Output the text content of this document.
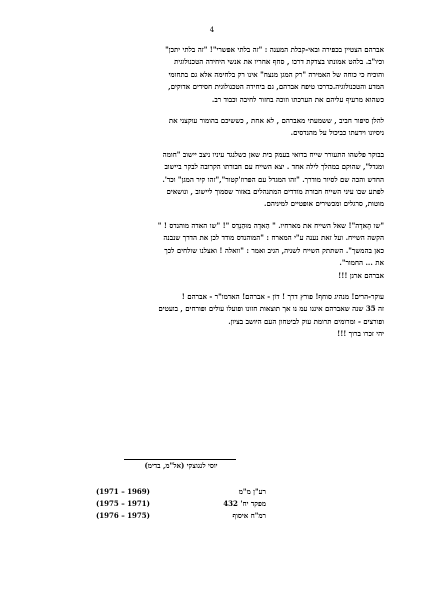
4
אברהם הצטיין בכפירה ובאי-קבלת המענה : "זה בלתי אפשרי"! "זה בלתי יתכן"
וכיו"ב. בלהט אמונתו בצדקת דרכו , סחף אחריו את אנשי היחידה הטכנולוגית
והוכיח כי כוחה של האמירה "רק המגן מנצח" אינו רק בלחימה אלא גם בתחומי
המדע והטכנולוגיה.כדרכו טיפח אברהם, גם ביחידה הטכנולוגית חסידים אדוקים,
כשהוא מרעיף עליהם את הערכתו וזוכה בחזור לחיבה וכבוד רב.
להלן סיפור חביב , ששמעתי מאברהם , לא אחת , כששיכם בהומור עוקצני את
ניסיונו וידעתו כביכול על מהנדסים.
בבוקר פלשהו התעורר שייח בדואי בעמק בית שאן כשלנגד עיניו ניצב יישוב "חומה
ומגדל", שהוקם במהלך לילה אחד . יצא השייח עם חבורתו הקרובה לבקר ביישוב
החדש והכה שם לסיור מודרך. "זהו המגדל עם הפרוז'קטור","זהו קיר המגן" וכד'.
לפתע שבו עיני השייח חבורת מודדים המתנהלים באזור שסמוך ליישוב , ונושאים
מוטות, סרגלים ומכשירים אופטיים למיניהם.
"שו הָאדָה"! שאל השייח את מארחיו. " הַאדָה מוּהַנְדִס "! "שו האדה מוהנדס ! "
הקשה השייח. ועל זאת נענה ע"י המארח : "המוהנדס מודד לכן את הדרך שנבנה
כאן בהמשך". השתתק השייח לשניה, הגיב ואמר : "וואלה ! ואצלנו שולחים לכך
את ... החמור".
אברהם ארגן !!!
עוקר-הרים! מנהיג סוחף! פורץ דרך ! דוֹן - אברהם! האדמו"ר - אברהם !
זה 35 שנה שאברהם איננו עמ נו אך תוצאות חזונו ופועלו עולים ופורחים , בועטים
ופורצים - ומרומים תרומת עוק לביטחון העם היושב בציון.
יהי זכרו ברוך !!!
יוסי לנגוצקי (אל"מ, בדימ)
רע"ן מ"מ
(1971 – 1969)
מפקד יח' 432
(1975 – 1971)
רמ"ח איסוף
(1976 – 1975)
